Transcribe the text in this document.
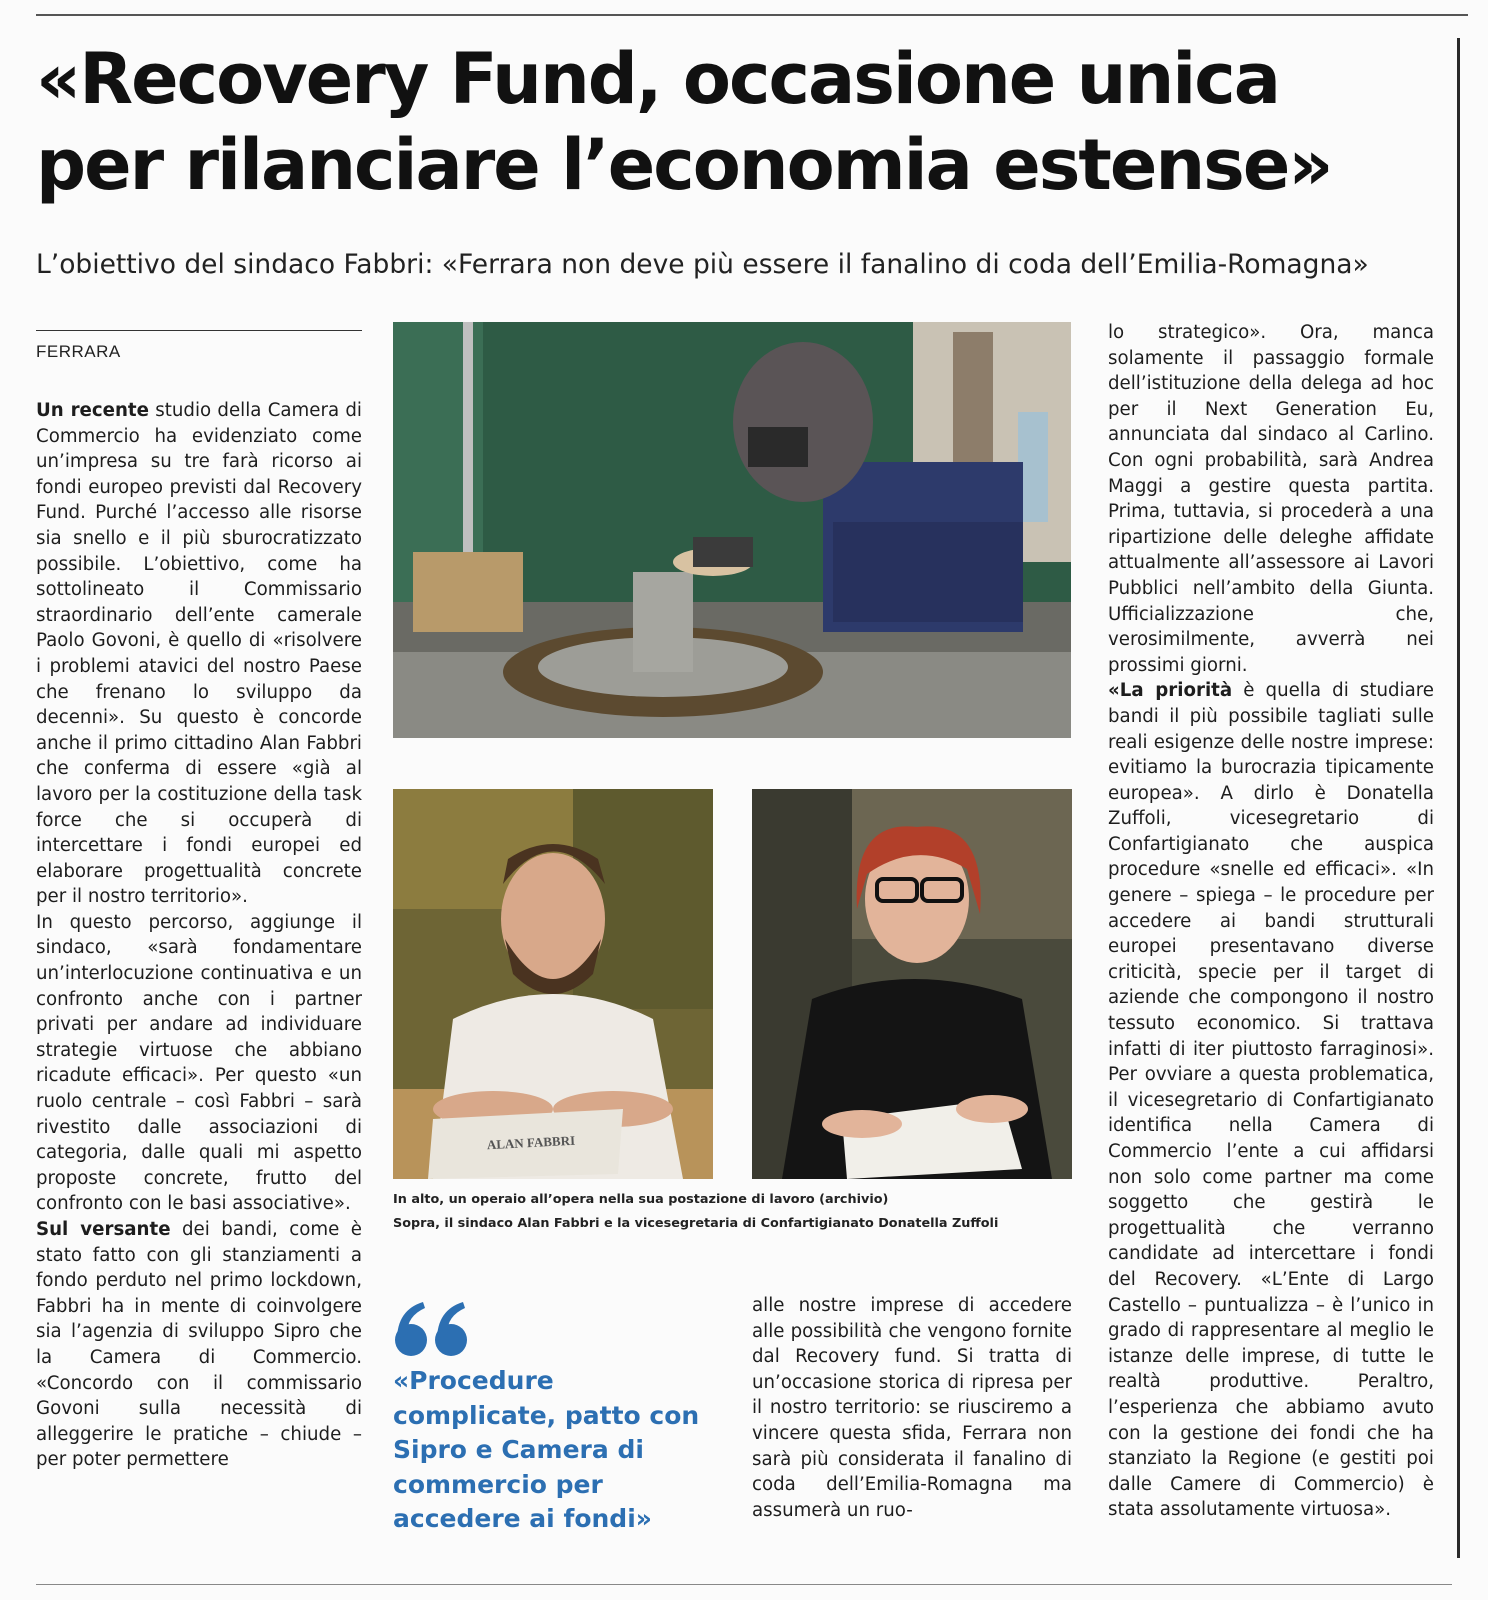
«Recovery Fund, occasione unica
per rilanciare l’economia estense»

L’obiettivo del sindaco Fabbri: «Ferrara non deve più essere il fanalino di coda dell’Emilia-Romagna»

FERRARA

Un recente studio della Camera di Commercio ha evidenziato come un’impresa su tre farà ricorso ai fondi europeo previsti dal Recovery Fund. Purché l’accesso alle risorse sia snello e il più sburocratizzato possibile. L’obiettivo, come ha sottolineato il Commissario straordinario dell’ente camerale Paolo Govoni, è quello di «risolvere i problemi atavici del nostro Paese che frenano lo sviluppo da decenni». Su questo è concorde anche il primo cittadino Alan Fabbri che conferma di essere «già al lavoro per la costituzione della task force che si occuperà di intercettare i fondi europei ed elaborare progettualità concrete per il nostro territorio».

In questo percorso, aggiunge il sindaco, «sarà fondamentare un’interlocuzione continuativa e un confronto anche con i partner privati per andare ad individuare strategie virtuose che abbiano ricadute efficaci». Per questo «un ruolo centrale – così Fabbri – sarà rivestito dalle associazioni di categoria, dalle quali mi aspetto proposte concrete, frutto del confronto con le basi associative».

Sul versante dei bandi, come è stato fatto con gli stanziamenti a fondo perduto nel primo lockdown, Fabbri ha in mente di coinvolgere sia l’agenzia di sviluppo Sipro che la Camera di Commercio. «Concordo con il commissario Govoni sulla necessità di alleggerire le pratiche – chiude – per poter permettere

ALAN FABBRI
In alto, un operaio all’opera nella sua postazione di lavoro (archivio)
Sopra, il sindaco Alan Fabbri e la vicesegretaria di Confartigianato Donatella Zuffoli
«Procedure complicate, patto con Sipro e Camera di commercio per accedere ai fondi»

alle nostre imprese di accedere alle possibilità che vengono fornite dal Recovery fund. Si tratta di un’occasione storica di ripresa per il nostro territorio: se riusciremo a vincere questa sfida, Ferrara non sarà più considerata il fanalino di coda dell’Emilia-Romagna ma assumerà un ruo-

lo strategico». Ora, manca solamente il passaggio formale dell’istituzione della delega ad hoc per il Next Generation Eu, annunciata dal sindaco al Carlino. Con ogni probabilità, sarà Andrea Maggi a gestire questa partita. Prima, tuttavia, si procederà a una ripartizione delle deleghe affidate attualmente all’assessore ai Lavori Pubblici nell’ambito della Giunta. Ufficializzazione che, verosimilmente, avverrà nei prossimi giorni.

«La priorità è quella di studiare bandi il più possibile tagliati sulle reali esigenze delle nostre imprese: evitiamo la burocrazia tipicamente europea». A dirlo è Donatella Zuffoli, vicesegretario di Confartigianato che auspica procedure «snelle ed efficaci». «In genere – spiega – le procedure per accedere ai bandi strutturali europei presentavano diverse criticità, specie per il target di aziende che compongono il nostro tessuto economico. Si trattava infatti di iter piuttosto farraginosi». Per ovviare a questa problematica, il vicesegretario di Confartigianato identifica nella Camera di Commercio l’ente a cui affidarsi non solo come partner ma come soggetto che gestirà le progettualità che verranno candidate ad intercettare i fondi del Recovery. «L’Ente di Largo Castello – puntualizza – è l’unico in grado di rappresentare al meglio le istanze delle imprese, di tutte le realtà produttive. Peraltro, l’esperienza che abbiamo avuto con la gestione dei fondi che ha stanziato la Regione (e gestiti poi dalle Camere di Commercio) è stata assolutamente virtuosa».
